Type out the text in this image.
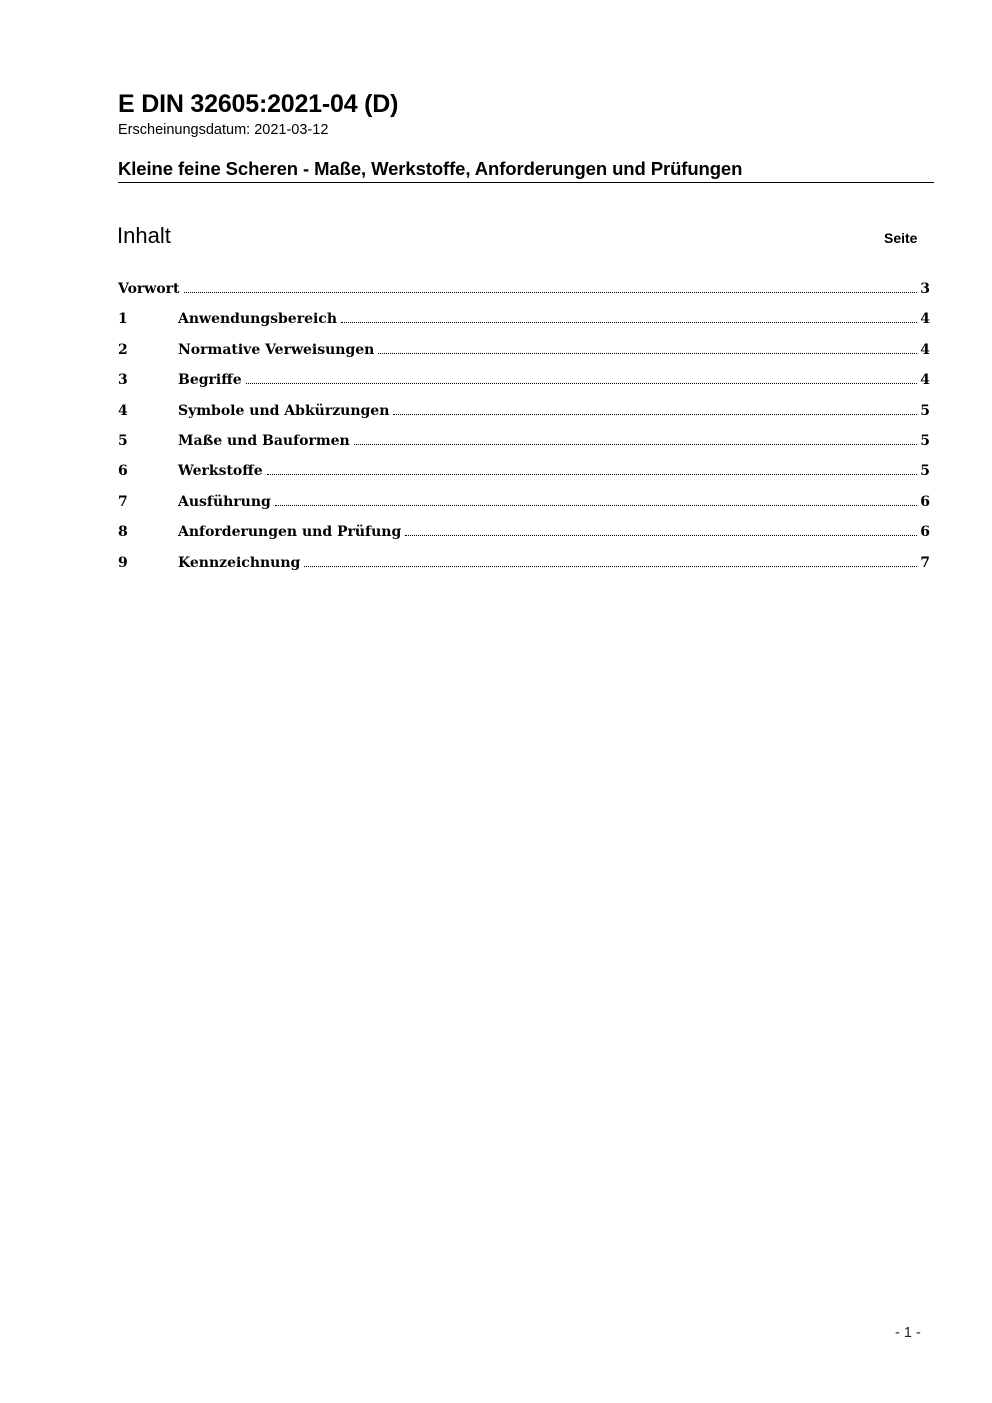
E DIN 32605:2021-04 (D)
Erscheinungsdatum: 2021-03-12
Kleine feine Scheren - Maße, Werkstoffe, Anforderungen und Prüfungen
Inhalt	Seite
Vorwort	3
1	Anwendungsbereich	4
2	Normative Verweisungen	4
3	Begriffe	4
4	Symbole und Abkürzungen	5
5	Maße und Bauformen	5
6	Werkstoffe	5
7	Ausführung	6
8	Anforderungen und Prüfung	6
9	Kennzeichnung	7
- 1 -
